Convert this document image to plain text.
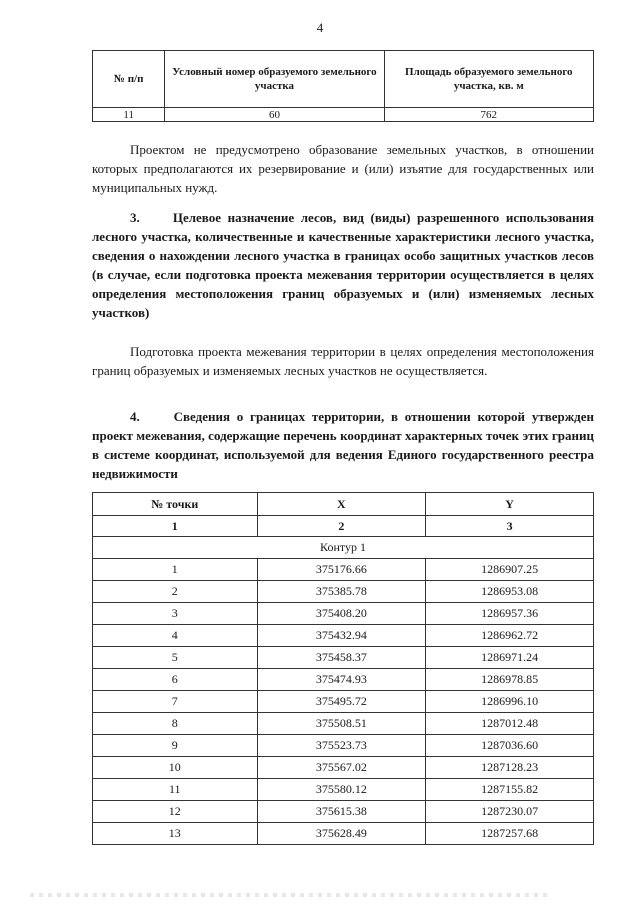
4
№ п/п	Условный номер образуемого земельного участка	Площадь образуемого земельного участка, кв. м
11	60	762

Проектом не предусмотрено образование земельных участков, в отношении которых предполагаются их резервирование и (или) изъятие для государственных или муниципальных нужд.

3.	Целевое назначение лесов, вид (виды) разрешенного использования лесного участка, количественные и качественные характеристики лесного участка, сведения о нахождении лесного участка в границах особо защитных участков лесов (в случае, если подготовка проекта межевания территории осуществляется в целях определения местоположения границ образуемых и (или) изменяемых лесных участков)

Подготовка проекта межевания территории в целях определения местоположения границ образуемых и изменяемых лесных участков не осуществляется.

4.	Сведения о границах территории, в отношении которой утвержден проект межевания, содержащие перечень координат характерных точек этих границ в системе координат, используемой для ведения Единого государственного реестра недвижимости

№ точки	X	Y
1	2	3
Контур 1		
1	375176.66	1286907.25
2	375385.78	1286953.08
3	375408.20	1286957.36
4	375432.94	1286962.72
5	375458.37	1286971.24
6	375474.93	1286978.85
7	375495.72	1286996.10
8	375508.51	1287012.48
9	375523.73	1287036.60
10	375567.02	1287128.23
11	375580.12	1287155.82
12	375615.38	1287230.07
13	375628.49	1287257.68
